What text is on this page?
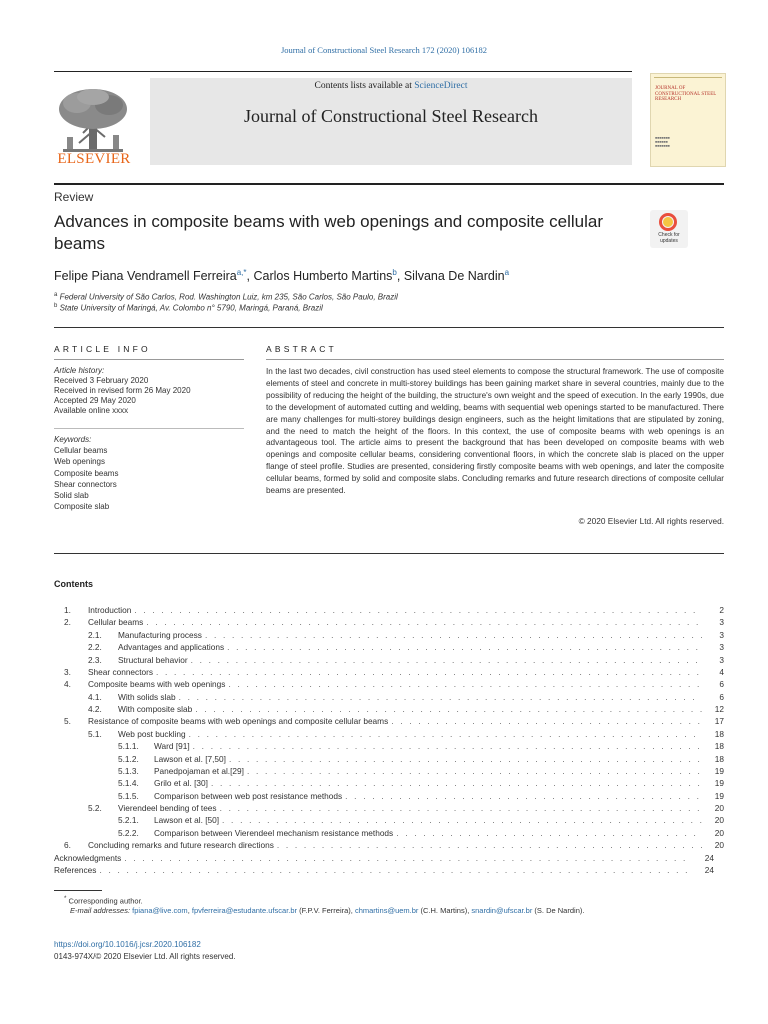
Journal of Constructional Steel Research 172 (2020) 106182
ELSEVIER
Contents lists available at ScienceDirect
Journal of Constructional Steel Research
JOURNAL OF CONSTRUCTIONAL STEEL RESEARCH
■■■■■■■
■■■■■■
■■■■■■■
Review
Advances in composite beams with web openings and composite cellular beams	Check for updates
Felipe Piana Vendramell Ferreira$^{a,*}$, Carlos Humberto Martins$^b$, Silvana De Nardin$^a$
$^a$ Federal University of São Carlos, Rod. Washington Luiz, km 235, São Carlos, São Paulo, Brazil
$^b$ State University of Maringá, Av. Colombo n° 5790, Maringá, Paraná, Brazil
ARTICLE INFO	ABSTRACT
Article history:
Received 3 February 2020
Received in revised form 26 May 2020
Accepted 29 May 2020
Available online xxxx
Keywords:
Cellular beams
Web openings
Composite beams
Shear connectors
Solid slab
Composite slab
In the last two decades, civil construction has used steel elements to compose the structural framework. The use of composite elements of steel and concrete in multi-storey buildings has been gaining market share in several countries, mainly due to the possibility of reducing the height of the building, the structure's own weight and the speed of execution. In the early 1990s, due to the development of automated cutting and welding, beams with sequential web openings started to be manufactured. There are many challenges for multi-storey buildings design engineers, such as the height limitations that are stipulated by zoning, and the need to match the height of the floors. In this context, the use of composite beams with web openings is an advantageous tool. The article aims to present the background that has been developed on composite beams with web openings and composite cellular beams, considering conventional floors, in which the concrete slab is placed on the upper flange of steel profile. Studies are presented, considering firstly composite beams with web openings, and later the composite cellular beams, formed by solid and composite slabs. Concluding remarks and future research directions of composite cellular beams are presented.
© 2020 Elsevier Ltd. All rights reserved.
Contents
1.	Introduction . . .	2
2.	Cellular beams . . .	3
2.1.	Manufacturing process . . .	3
2.2.	Advantages and applications . . .	3
2.3.	Structural behavior . . .	3
3.	Shear connectors . . .	4
4.	Composite beams with web openings . . .	6
4.1.	With solids slab . . .	6
4.2.	With composite slab . . .	12
5.	Resistance of composite beams with web openings and composite cellular beams . . .	17
5.1.	Web post buckling . . .	18
5.1.1.	Ward [91] . . .	18
5.1.2.	Lawson et al. [7,50] . . .	18
5.1.3.	Panedpojaman et al.[29] . . .	19
5.1.4.	Grilo et al. [30] . . .	19
5.1.5.	Comparison between web post resistance methods . . .	19
5.2.	Vierendeel bending of tees . . .	20
5.2.1.	Lawson et al. [50] . . .	20
5.2.2.	Comparison between Vierendeel mechanism resistance methods . . .	20
6.	Concluding remarks and future research directions . . .	20
Acknowledgments . . .	24
References . . .	24
* Corresponding author.
E-mail addresses: fpiana@live.com, fpvferreira@estudante.ufscar.br (F.P.V. Ferreira), chmartins@uem.br (C.H. Martins), snardin@ufscar.br (S. De Nardin).
https://doi.org/10.1016/j.jcsr.2020.106182
0143-974X/© 2020 Elsevier Ltd. All rights reserved.
